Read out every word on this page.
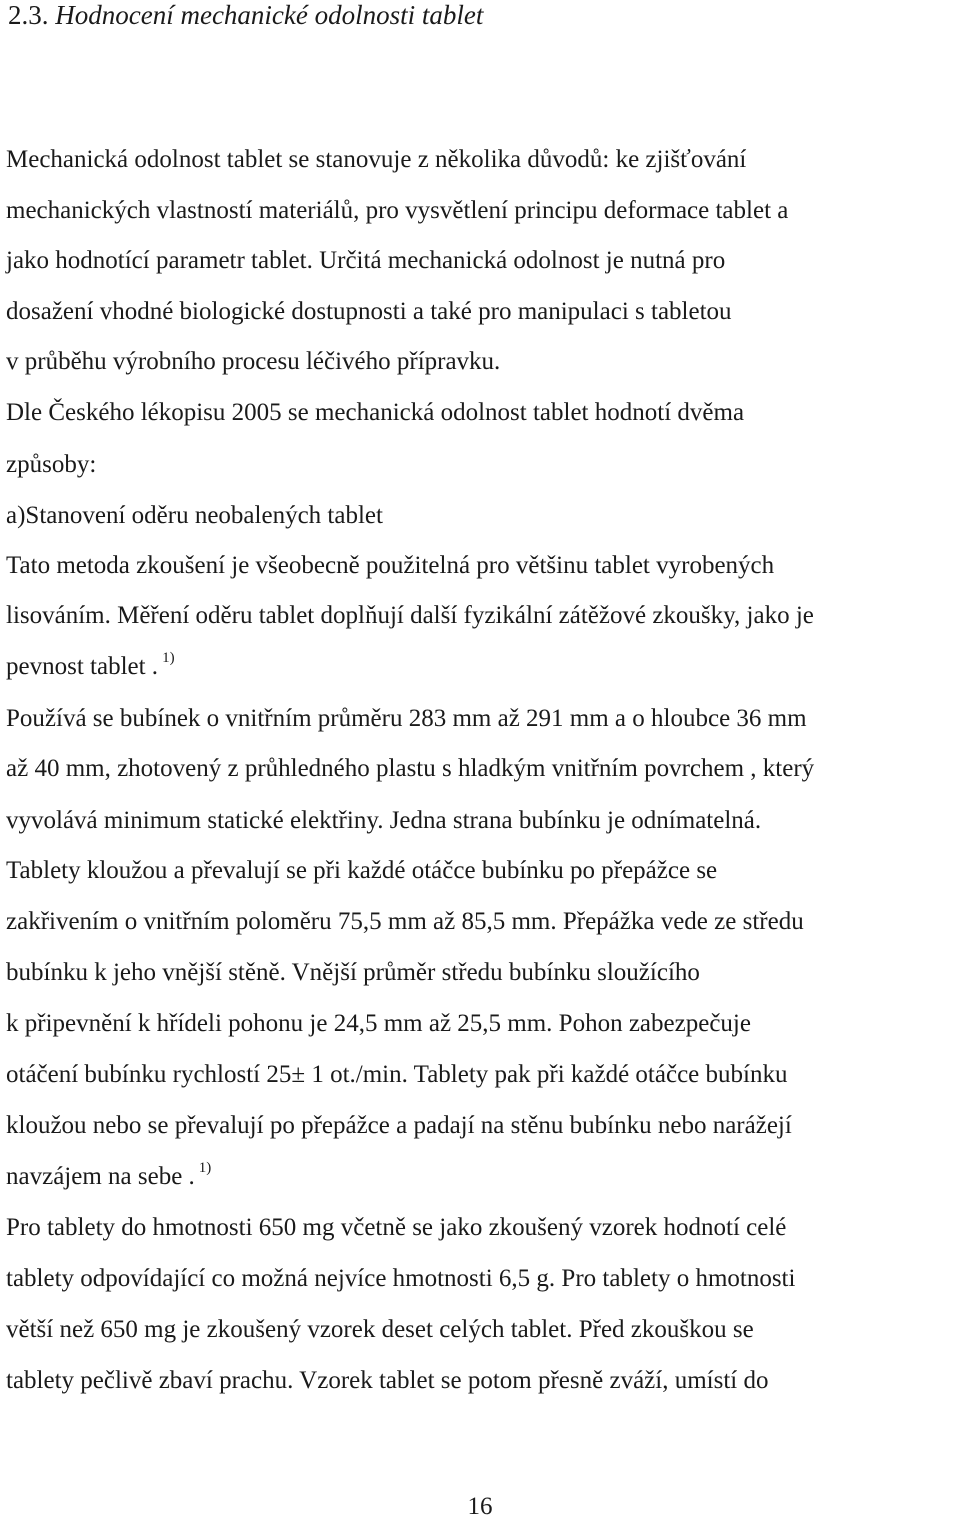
2.3. Hodnocení mechanické odolnosti tablet
Mechanická odolnost tablet se stanovuje z několika důvodů: ke zjišťování
mechanických vlastností materiálů, pro vysvětlení principu deformace tablet a
jako hodnotící parametr tablet. Určitá mechanická odolnost je nutná pro
dosažení vhodné biologické dostupnosti a také pro manipulaci s tabletou
v průběhu výrobního procesu léčivého přípravku.
Dle Českého lékopisu 2005 se mechanická odolnost tablet hodnotí dvěma
způsoby:
a)Stanovení oděru neobalených tablet
Tato metoda zkoušení je všeobecně použitelná pro většinu tablet vyrobených
lisováním. Měření oděru tablet doplňují další fyzikální zátěžové zkoušky, jako je
pevnost tablet . $^{1)}$
Používá se bubínek o vnitřním průměru 283 mm až 291 mm a o hloubce 36 mm
až 40 mm, zhotovený z průhledného plastu s hladkým vnitřním povrchem , který
vyvolává minimum statické elektřiny. Jedna strana bubínku je odnímatelná.
Tablety kloužou a převalují se při každé otáčce bubínku po přepážce se
zakřivením o vnitřním poloměru 75,5 mm až 85,5 mm. Přepážka vede ze středu
bubínku k jeho vnější stěně. Vnější průměr středu bubínku sloužícího
k připevnění k hřídeli pohonu je 24,5 mm až 25,5 mm. Pohon zabezpečuje
otáčení bubínku rychlostí 25± 1 ot./min. Tablety pak při každé otáčce bubínku
kloužou nebo se převalují po přepážce a padají na stěnu bubínku nebo narážejí
navzájem na sebe . $^{1)}$
Pro tablety do hmotnosti 650 mg včetně se jako zkoušený vzorek hodnotí celé
tablety odpovídající co možná nejvíce hmotnosti 6,5 g. Pro tablety o hmotnosti
větší než 650 mg je zkoušený vzorek deset celých tablet. Před zkouškou se
tablety pečlivě zbaví prachu. Vzorek tablet se potom přesně zváží, umístí do
16
